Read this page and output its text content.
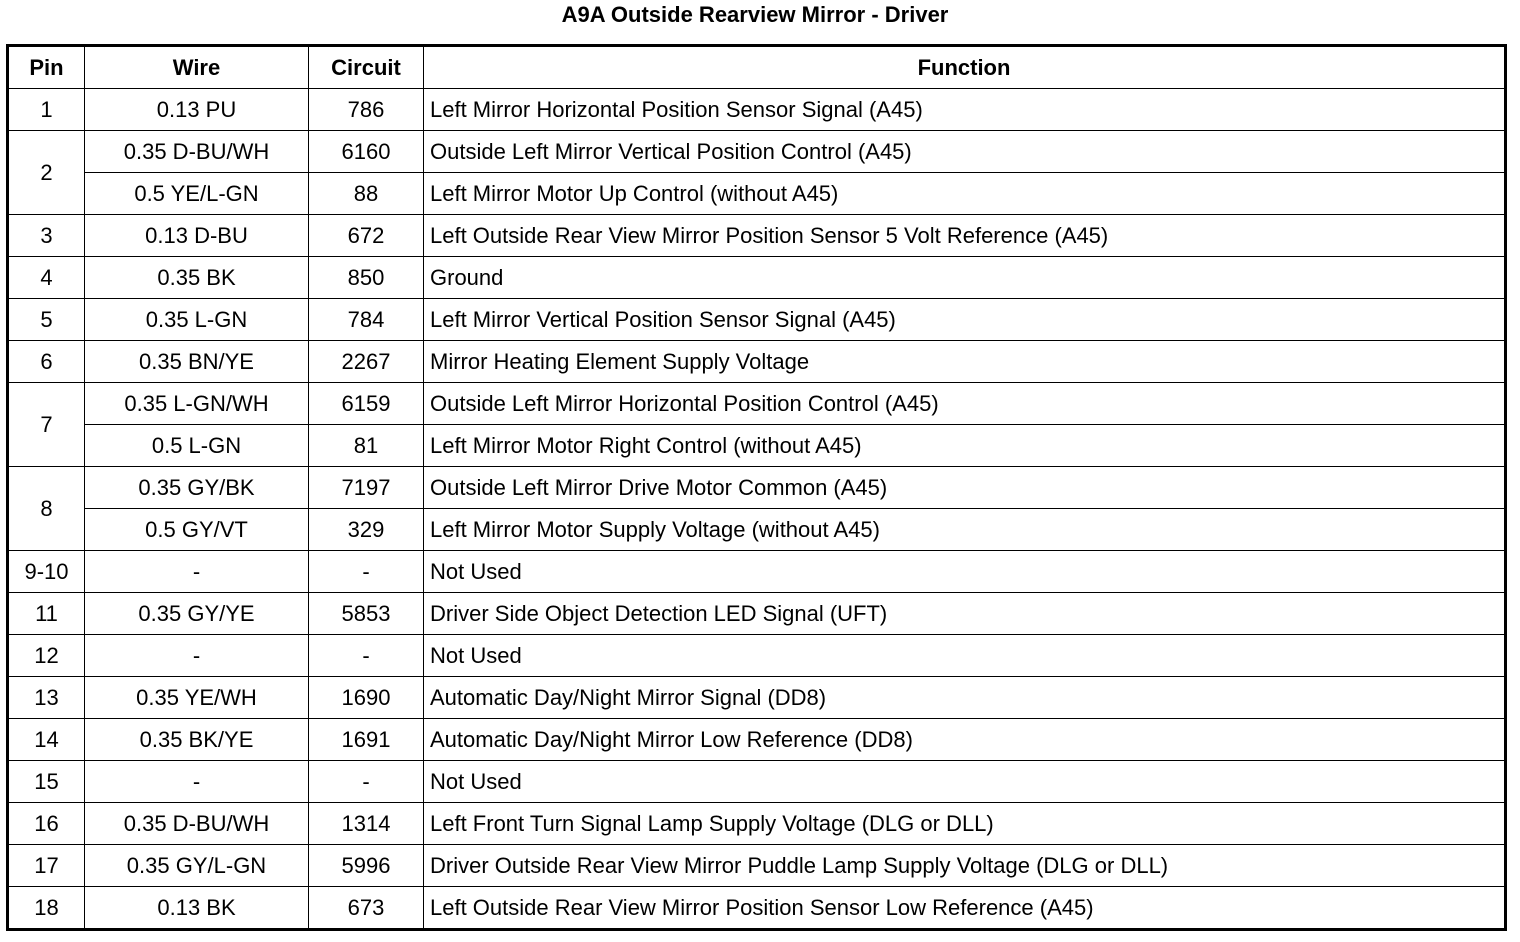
A9A Outside Rearview Mirror - Driver
Pin	Wire	Circuit	Function
1	0.13 PU	786	Left Mirror Horizontal Position Sensor Signal (A45)
2	0.35 D-BU/WH	6160	Outside Left Mirror Vertical Position Control (A45)
	0.5 YE/L-GN	88	Left Mirror Motor Up Control (without A45)
3	0.13 D-BU	672	Left Outside Rear View Mirror Position Sensor 5 Volt Reference (A45)
4	0.35 BK	850	Ground
5	0.35 L-GN	784	Left Mirror Vertical Position Sensor Signal (A45)
6	0.35 BN/YE	2267	Mirror Heating Element Supply Voltage
7	0.35 L-GN/WH	6159	Outside Left Mirror Horizontal Position Control (A45)
	0.5 L-GN	81	Left Mirror Motor Right Control (without A45)
8	0.35 GY/BK	7197	Outside Left Mirror Drive Motor Common (A45)
	0.5 GY/VT	329	Left Mirror Motor Supply Voltage (without A45)
9-10	-	-	Not Used
11	0.35 GY/YE	5853	Driver Side Object Detection LED Signal (UFT)
12	-	-	Not Used
13	0.35 YE/WH	1690	Automatic Day/Night Mirror Signal (DD8)
14	0.35 BK/YE	1691	Automatic Day/Night Mirror Low Reference (DD8)
15	-	-	Not Used
16	0.35 D-BU/WH	1314	Left Front Turn Signal Lamp Supply Voltage (DLG or DLL)
17	0.35 GY/L-GN	5996	Driver Outside Rear View Mirror Puddle Lamp Supply Voltage (DLG or DLL)
18	0.13 BK	673	Left Outside Rear View Mirror Position Sensor Low Reference (A45)
